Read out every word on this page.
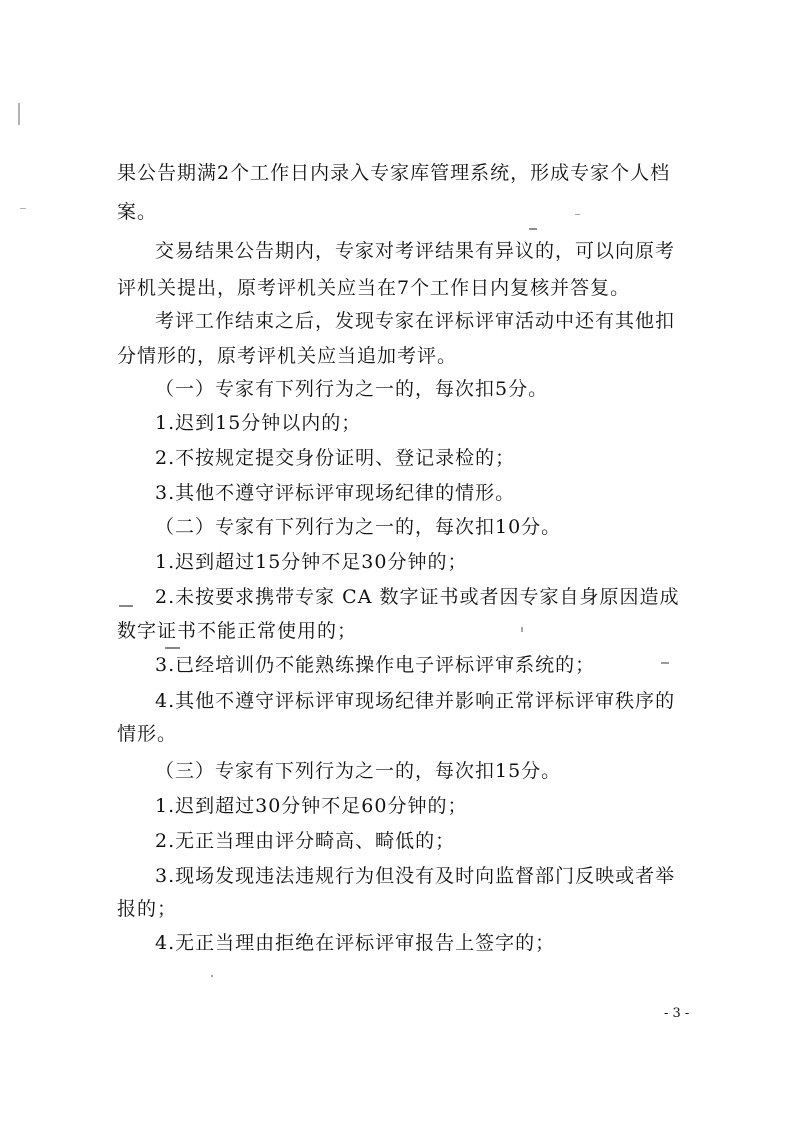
果公告期满2个工作日内录入专家库管理系统，形成专家个人档
案。
交易结果公告期内，专家对考评结果有异议的，可以向原考
评机关提出，原考评机关应当在7个工作日内复核并答复。
考评工作结束之后，发现专家在评标评审活动中还有其他扣
分情形的，原考评机关应当追加考评。
（一）专家有下列行为之一的，每次扣5分。
1.迟到15分钟以内的；
2.不按规定提交身份证明、登记录检的；
3.其他不遵守评标评审现场纪律的情形。
（二）专家有下列行为之一的，每次扣10分。
1.迟到超过15分钟不足30分钟的；
2.未按要求携带专家 CA 数字证书或者因专家自身原因造成
数字证书不能正常使用的；
3.已经培训仍不能熟练操作电子评标评审系统的；
4.其他不遵守评标评审现场纪律并影响正常评标评审秩序的
情形。
（三）专家有下列行为之一的，每次扣15分。
1.迟到超过30分钟不足60分钟的；
2.无正当理由评分畸高、畸低的；
3.现场发现违法违规行为但没有及时向监督部门反映或者举
报的；
4.无正当理由拒绝在评标评审报告上签字的；
- 3 -
